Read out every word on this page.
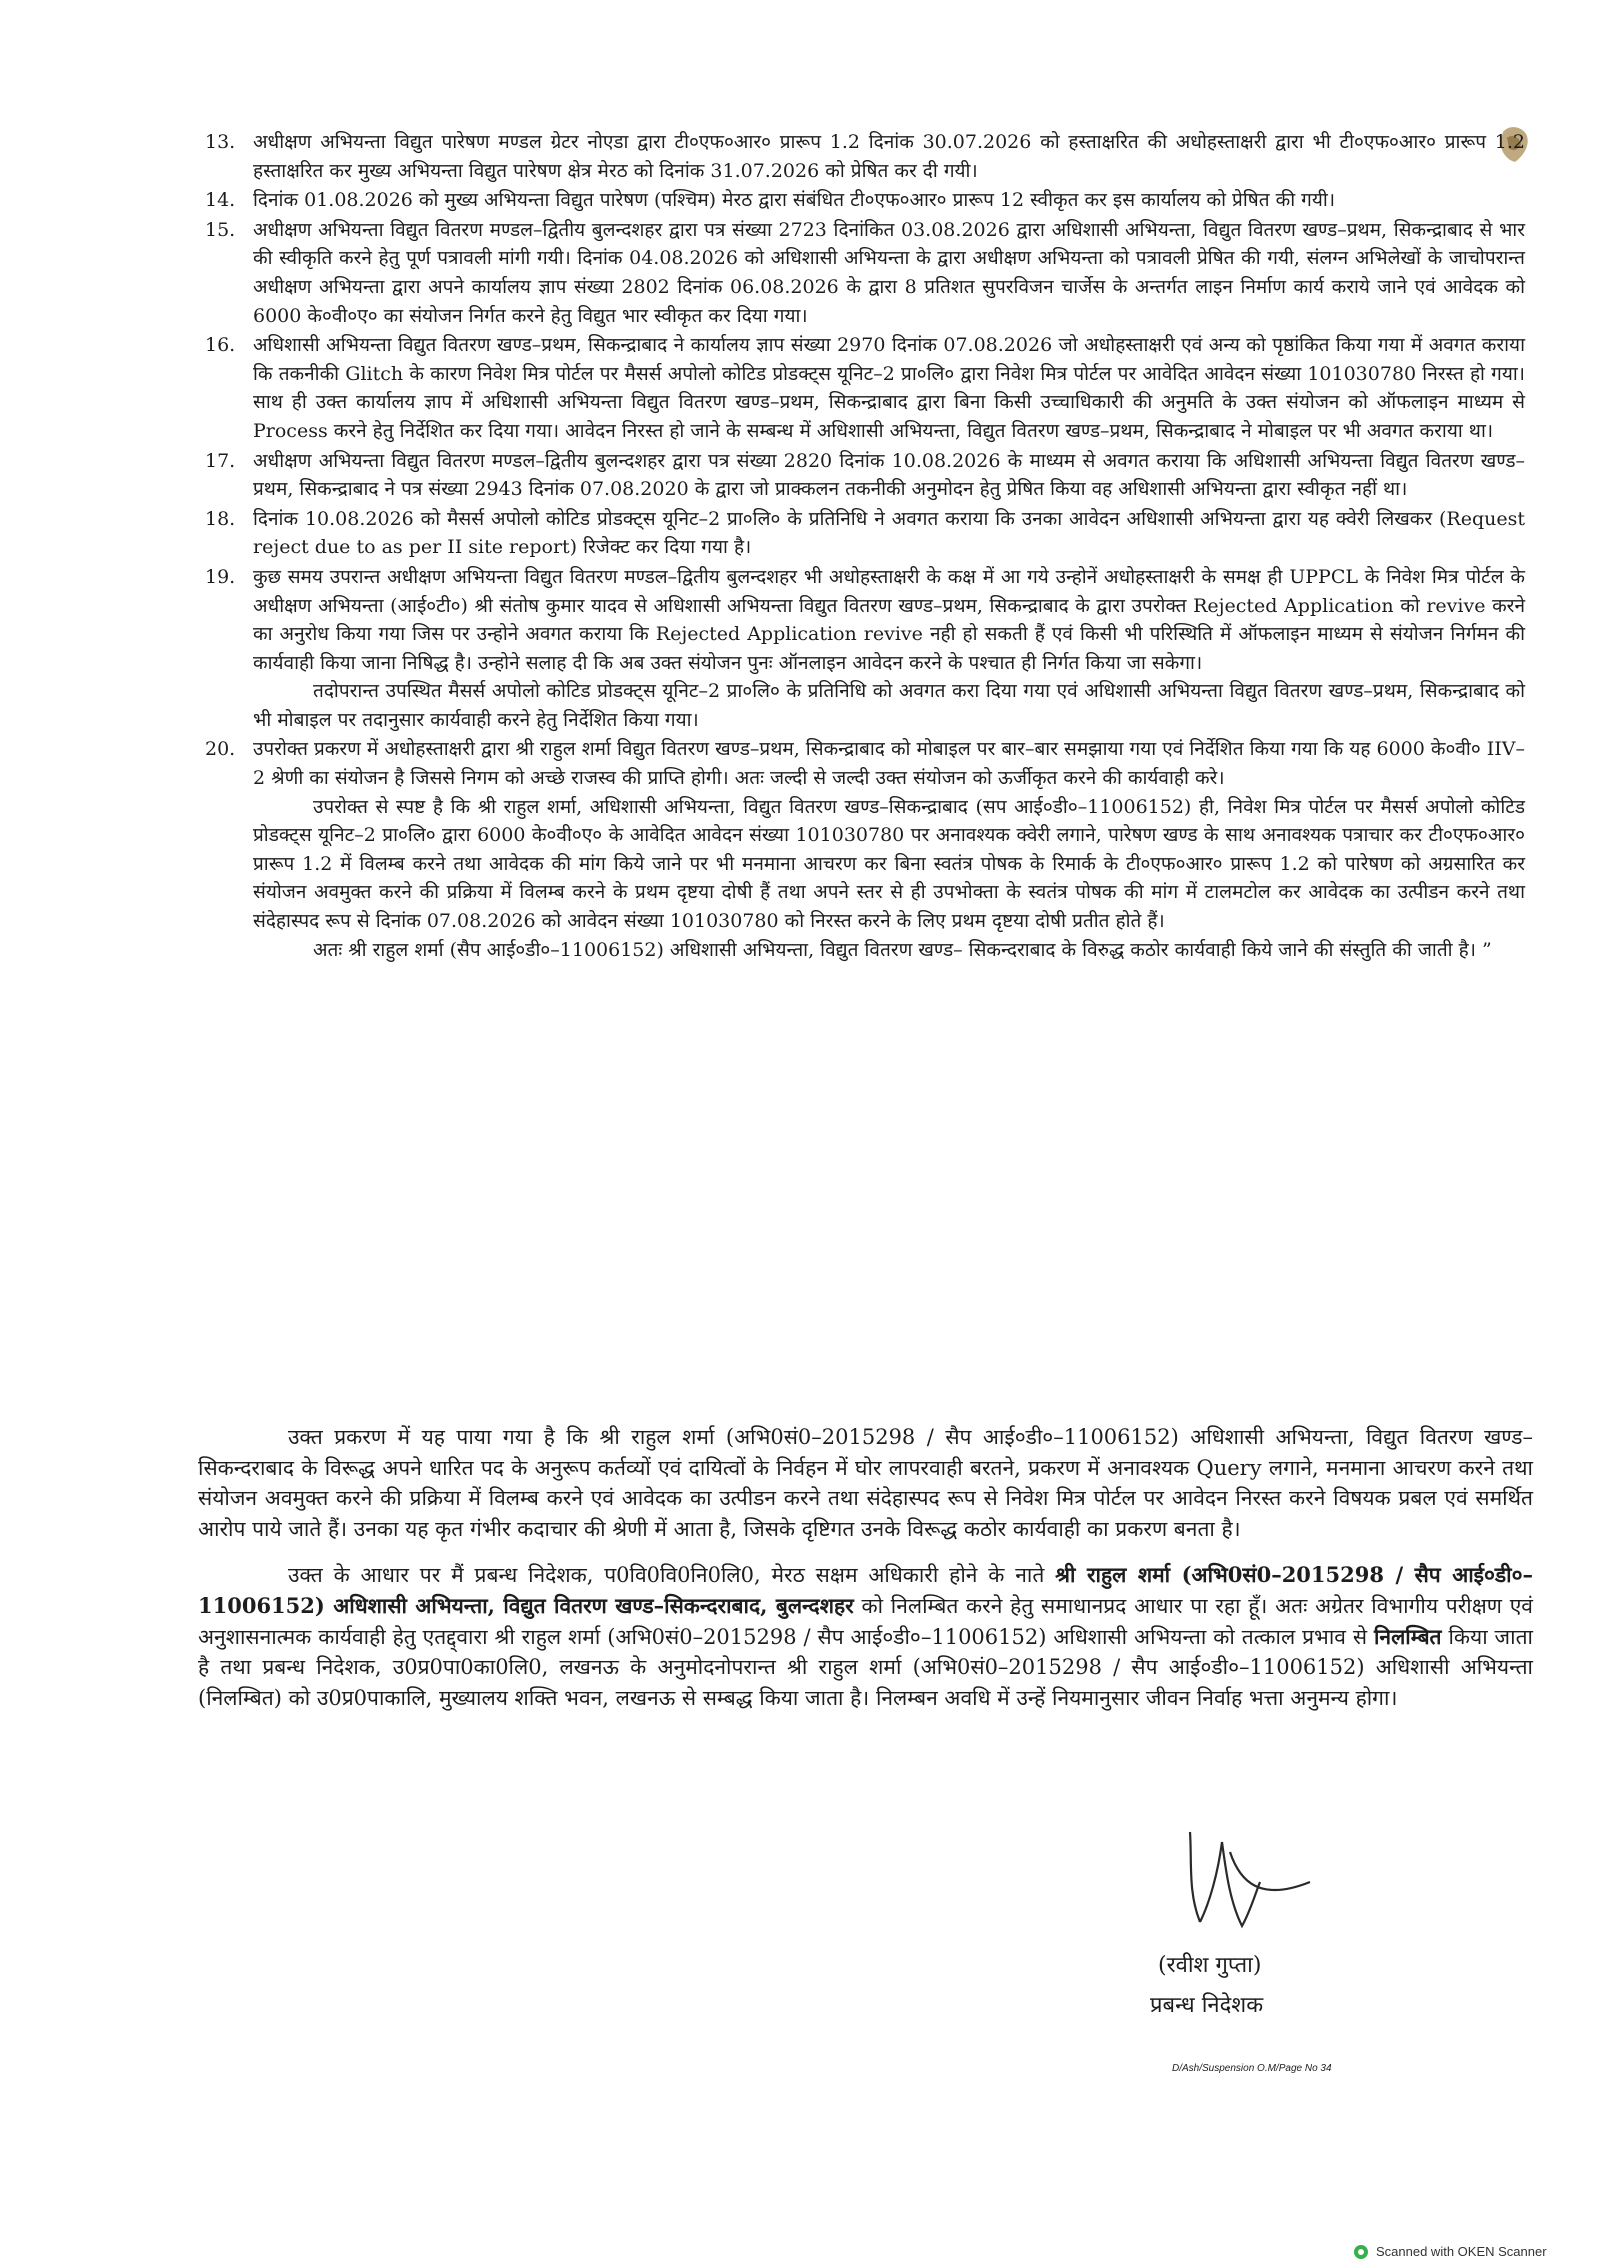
13. अधीक्षण अभियन्ता विद्युत पारेषण मण्डल ग्रेटर नोएडा द्वारा टी०एफ०आर० प्रारूप 1.2 दिनांक 30.07.2026 को हस्ताक्षरित की अधोहस्ताक्षरी द्वारा भी टी०एफ०आर० प्रारूप 1.2 हस्ताक्षरित कर मुख्य अभियन्ता विद्युत पारेषण क्षेत्र मेरठ को दिनांक 31.07.2026 को प्रेषित कर दी गयी।

14. दिनांक 01.08.2026 को मुख्य अभियन्ता विद्युत पारेषण (पश्चिम) मेरठ द्वारा संबंधित टी०एफ०आर० प्रारूप 12 स्वीकृत कर इस कार्यालय को प्रेषित की गयी।

15. अधीक्षण अभियन्ता विद्युत वितरण मण्डल–द्वितीय बुलन्दशहर द्वारा पत्र संख्या 2723 दिनांकित 03.08.2026 द्वारा अधिशासी अभियन्ता, विद्युत वितरण खण्ड–प्रथम, सिकन्द्राबाद से भार की स्वीकृति करने हेतु पूर्ण पत्रावली मांगी गयी। दिनांक 04.08.2026 को अधिशासी अभियन्ता के द्वारा अधीक्षण अभियन्ता को पत्रावली प्रेषित की गयी, संलग्न अभिलेखों के जाचोपरान्त अधीक्षण अभियन्ता द्वारा अपने कार्यालय ज्ञाप संख्या 2802 दिनांक 06.08.2026 के द्वारा 8 प्रतिशत सुपरविजन चार्जेस के अन्तर्गत लाइन निर्माण कार्य कराये जाने एवं आवेदक को 6000 के०वी०ए० का संयोजन निर्गत करने हेतु विद्युत भार स्वीकृत कर दिया गया।

16. अधिशासी अभियन्ता विद्युत वितरण खण्ड–प्रथम, सिकन्द्राबाद ने कार्यालय ज्ञाप संख्या 2970 दिनांक 07.08.2026 जो अधोहस्ताक्षरी एवं अन्य को पृष्ठांकित किया गया में अवगत कराया कि तकनीकी Glitch के कारण निवेश मित्र पोर्टल पर मैसर्स अपोलो कोटिड प्रोडक्ट्स यूनिट–2 प्रा०लि० द्वारा निवेश मित्र पोर्टल पर आवेदित आवेदन संख्या 101030780 निरस्त हो गया। साथ ही उक्त कार्यालय ज्ञाप में अधिशासी अभियन्ता विद्युत वितरण खण्ड–प्रथम, सिकन्द्राबाद द्वारा बिना किसी उच्चाधिकारी की अनुमति के उक्त संयोजन को ऑफलाइन माध्यम से Process करने हेतु निर्देशित कर दिया गया। आवेदन निरस्त हो जाने के सम्बन्ध में अधिशासी अभियन्ता, विद्युत वितरण खण्ड–प्रथम, सिकन्द्राबाद ने मोबाइल पर भी अवगत कराया था।

17. अधीक्षण अभियन्ता विद्युत वितरण मण्डल–द्वितीय बुलन्दशहर द्वारा पत्र संख्या 2820 दिनांक 10.08.2026 के माध्यम से अवगत कराया कि अधिशासी अभियन्ता विद्युत वितरण खण्ड–प्रथम, सिकन्द्राबाद ने पत्र संख्या 2943 दिनांक 07.08.2020 के द्वारा जो प्राक्कलन तकनीकी अनुमोदन हेतु प्रेषित किया वह अधिशासी अभियन्ता द्वारा स्वीकृत नहीं था।

18. दिनांक 10.08.2026 को मैसर्स अपोलो कोटिड प्रोडक्ट्स यूनिट–2 प्रा०लि० के प्रतिनिधि ने अवगत कराया कि उनका आवेदन अधिशासी अभियन्ता द्वारा यह क्वेरी लिखकर (Request reject due to as per II site report) रिजेक्ट कर दिया गया है।

19. कुछ समय उपरान्त अधीक्षण अभियन्ता विद्युत वितरण मण्डल–द्वितीय बुलन्दशहर भी अधोहस्ताक्षरी के कक्ष में आ गये उन्होनें अधोहस्ताक्षरी के समक्ष ही UPPCL के निवेश मित्र पोर्टल के अधीक्षण अभियन्ता (आई०टी०) श्री संतोष कुमार यादव से अधिशासी अभियन्ता विद्युत वितरण खण्ड–प्रथम, सिकन्द्राबाद के द्वारा उपरोक्त Rejected Application को revive करने का अनुरोध किया गया जिस पर उन्होने अवगत कराया कि Rejected Application revive नही हो सकती हैं एवं किसी भी परिस्थिति में ऑफलाइन माध्यम से संयोजन निर्गमन की कार्यवाही किया जाना निषिद्ध है। उन्होने सलाह दी कि अब उक्त संयोजन पुनः ऑनलाइन आवेदन करने के पश्चात ही निर्गत किया जा सकेगा।

तदोपरान्त उपस्थित मैसर्स अपोलो कोटिड प्रोडक्ट्स यूनिट–2 प्रा०लि० के प्रतिनिधि को अवगत करा दिया गया एवं अधिशासी अभियन्ता विद्युत वितरण खण्ड–प्रथम, सिकन्द्राबाद को भी मोबाइल पर तदानुसार कार्यवाही करने हेतु निर्देशित किया गया।

20. उपरोक्त प्रकरण में अधोहस्ताक्षरी द्वारा श्री राहुल शर्मा विद्युत वितरण खण्ड–प्रथम, सिकन्द्राबाद को मोबाइल पर बार–बार समझाया गया एवं निर्देशित किया गया कि यह 6000 के०वी० IIV–2 श्रेणी का संयोजन है जिससे निगम को अच्छे राजस्व की प्राप्ति होगी। अतः जल्दी से जल्दी उक्त संयोजन को ऊर्जीकृत करने की कार्यवाही करे।

उपरोक्त से स्पष्ट है कि श्री राहुल शर्मा, अधिशासी अभियन्ता, विद्युत वितरण खण्ड–सिकन्द्राबाद (सप आई०डी०–11006152) ही, निवेश मित्र पोर्टल पर मैसर्स अपोलो कोटिड प्रोडक्ट्स यूनिट–2 प्रा०लि० द्वारा 6000 के०वी०ए० के आवेदित आवेदन संख्या 101030780 पर अनावश्यक क्वेरी लगाने, पारेषण खण्ड के साथ अनावश्यक पत्राचार कर टी०एफ०आर० प्रारूप 1.2 में विलम्ब करने तथा आवेदक की मांग किये जाने पर भी मनमाना आचरण कर बिना स्वतंत्र पोषक के रिमार्क के टी०एफ०आर० प्रारूप 1.2 को पारेषण को अग्रसारित कर संयोजन अवमुक्त करने की प्रक्रिया में विलम्ब करने के प्रथम दृष्टया दोषी हैं तथा अपने स्तर से ही उपभोक्ता के स्वतंत्र पोषक की मांग में टालमटोल कर आवेदक का उत्पीडन करने तथा संदेहास्पद रूप से दिनांक 07.08.2026 को आवेदन संख्या 101030780 को निरस्त करने के लिए प्रथम दृष्टया दोषी प्रतीत होते हैं।

अतः श्री राहुल शर्मा (सैप आई०डी०–11006152) अधिशासी अभियन्ता, विद्युत वितरण खण्ड– सिकन्दराबाद के विरुद्ध कठोर कार्यवाही किये जाने की संस्तुति की जाती है। ”

उक्त प्रकरण में यह पाया गया है कि श्री राहुल शर्मा (अभि0सं0–2015298 / सैप आई०डी०–11006152) अधिशासी अभियन्ता, विद्युत वितरण खण्ड–सिकन्दराबाद के विरूद्ध अपने धारित पद के अनुरूप कर्तव्यों एवं दायित्वों के निर्वहन में घोर लापरवाही बरतने, प्रकरण में अनावश्यक Query लगाने, मनमाना आचरण करने तथा संयोजन अवमुक्त करने की प्रक्रिया में विलम्ब करने एवं आवेदक का उत्पीडन करने तथा संदेहास्पद रूप से निवेश मित्र पोर्टल पर आवेदन निरस्त करने विषयक प्रबल एवं समर्थित आरोप पाये जाते हैं। उनका यह कृत गंभीर कदाचार की श्रेणी में आता है, जिसके दृष्टिगत उनके विरूद्ध कठोर कार्यवाही का प्रकरण बनता है।

उक्त के आधार पर मैं प्रबन्ध निदेशक, प0वि0वि0नि0लि0, मेरठ सक्षम अधिकारी होने के नाते श्री राहुल शर्मा (अभि0सं0–2015298 / सैप आई०डी०–11006152) अधिशासी अभियन्ता, विद्युत वितरण खण्ड–सिकन्दराबाद, बुलन्दशहर को निलम्बित करने हेतु समाधानप्रद आधार पा रहा हूँ। अतः अग्रेतर विभागीय परीक्षण एवं अनुशासनात्मक कार्यवाही हेतु एतद्द्वारा श्री राहुल शर्मा (अभि0सं0–2015298 / सैप आई०डी०–11006152) अधिशासी अभियन्ता को तत्काल प्रभाव से निलम्बित किया जाता है तथा प्रबन्ध निदेशक, उ0प्र0पा0का0लि0, लखनऊ के अनुमोदनोपरान्त श्री राहुल शर्मा (अभि0सं0–2015298 / सैप आई०डी०–11006152) अधिशासी अभियन्ता (निलम्बित) को उ0प्र0पाकालि, मुख्यालय शक्ति भवन, लखनऊ से सम्बद्ध किया जाता है। निलम्बन अवधि में उन्हें नियमानुसार जीवन निर्वाह भत्ता अनुमन्य होगा।

(रवीश गुप्ता)
प्रबन्ध निदेशक
D/Ash/Suspension O.M/Page No 34
Scanned with OKEN Scanner
